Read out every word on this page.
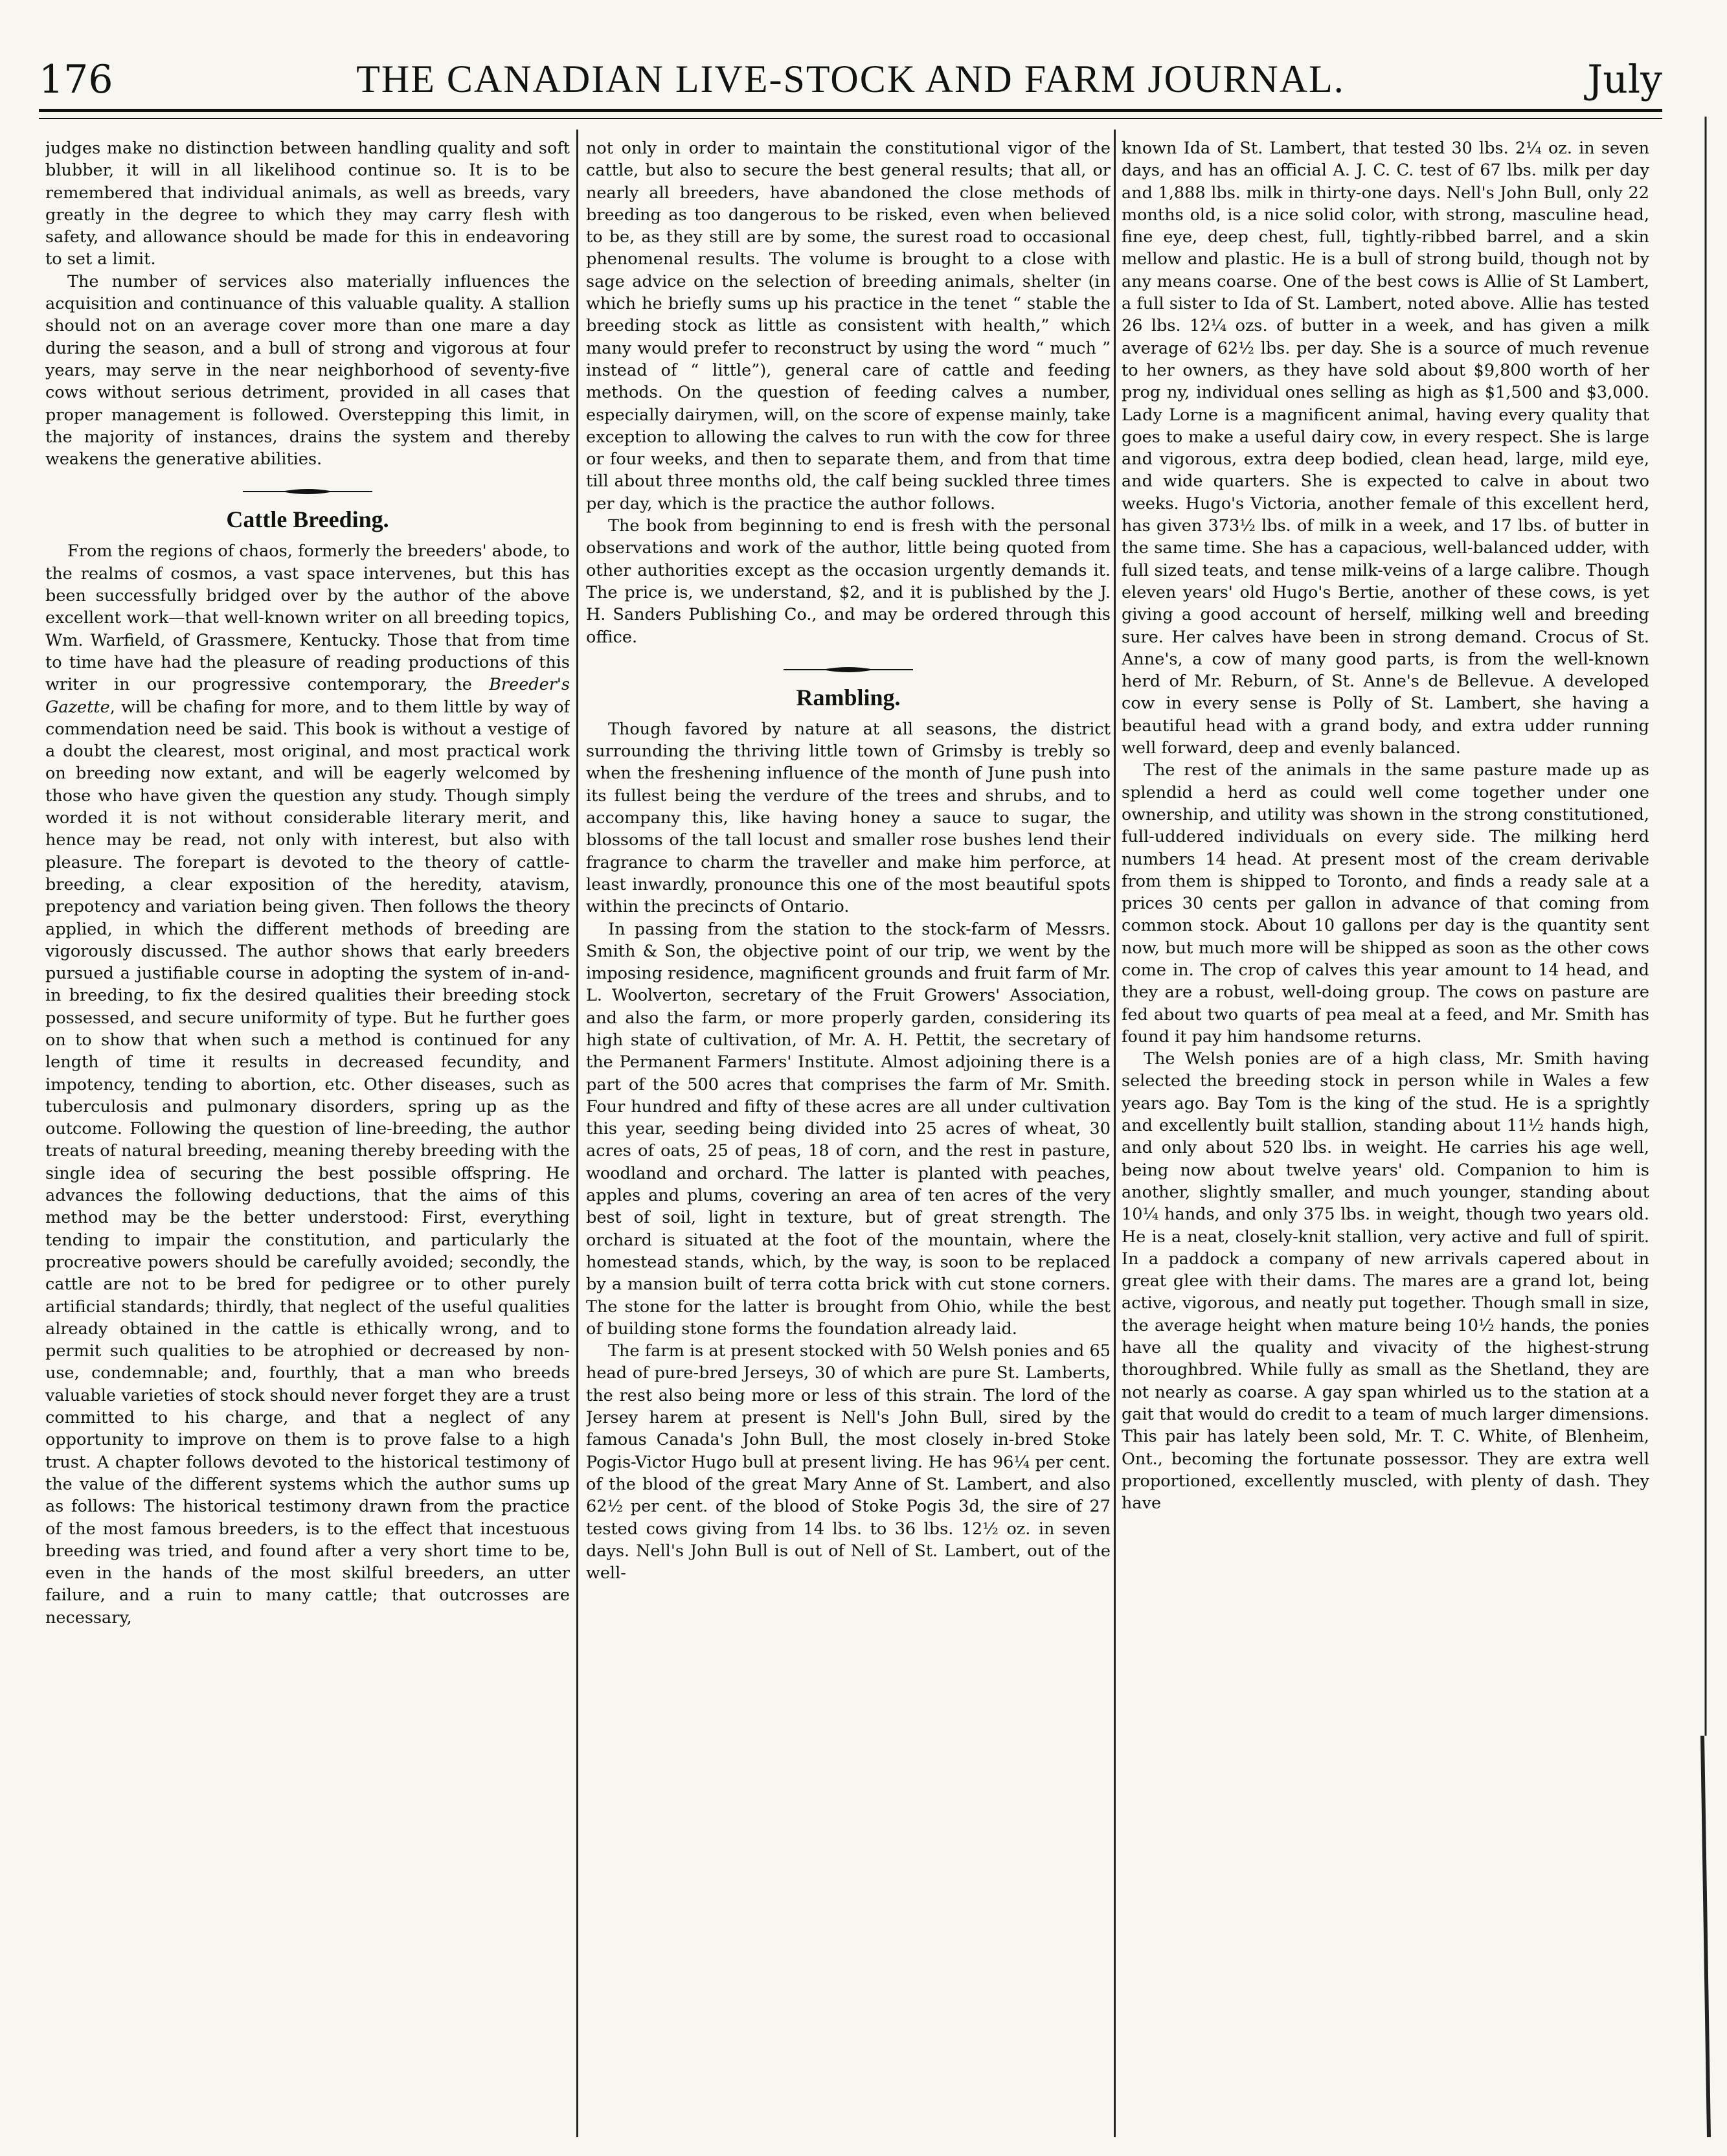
176	THE CANADIAN LIVE-STOCK AND FARM JOURNAL.	July

judges make no distinction between handling quality and soft blubber, it will in all likelihood continue so. It is to be remembered that individual animals, as well as breeds, vary greatly in the degree to which they may carry flesh with safety, and allowance should be made for this in endeavoring to set a limit.

The number of services also materially influences the acquisition and continuance of this valuable quality. A stallion should not on an average cover more than one mare a day during the season, and a bull of strong and vigorous at four years, may serve in the near neighborhood of seventy-five cows without serious detriment, provided in all cases that proper management is followed. Overstepping this limit, in the majority of instances, drains the system and thereby weakens the generative abilities.

Cattle Breeding.

From the regions of chaos, formerly the breeders' abode, to the realms of cosmos, a vast space intervenes, but this has been successfully bridged over by the author of the above excellent work—that well-known writer on all breeding topics, Wm. Warfield, of Grassmere, Kentucky. Those that from time to time have had the pleasure of reading productions of this writer in our progressive contemporary, the Breeder's Gazette, will be chafing for more, and to them little by way of commendation need be said. This book is without a vestige of a doubt the clearest, most original, and most practical work on breeding now extant, and will be eagerly welcomed by those who have given the question any study. Though simply worded it is not without considerable literary merit, and hence may be read, not only with interest, but also with pleasure. The forepart is devoted to the theory of cattle-breeding, a clear exposition of the heredity, atavism, prepotency and variation being given. Then follows the theory applied, in which the different methods of breeding are vigorously discussed. The author shows that early breeders pursued a justifiable course in adopting the system of in-and-in breeding, to fix the desired qualities their breeding stock possessed, and secure uniformity of type. But he further goes on to show that when such a method is continued for any length of time it results in decreased fecundity, and impotency, tending to abortion, etc. Other diseases, such as tuberculosis and pulmonary disorders, spring up as the outcome. Following the question of line-breeding, the author treats of natural breeding, meaning thereby breeding with the single idea of securing the best possible offspring. He advances the following deductions, that the aims of this method may be the better understood: First, everything tending to impair the constitution, and particularly the procreative powers should be carefully avoided; secondly, the cattle are not to be bred for pedigree or to other purely artificial standards; thirdly, that neglect of the useful qualities already obtained in the cattle is ethically wrong, and to permit such qualities to be atrophied or decreased by non-use, condemnable; and, fourthly, that a man who breeds valuable varieties of stock should never forget they are a trust committed to his charge, and that a neglect of any opportunity to improve on them is to prove false to a high trust. A chapter follows devoted to the historical testimony of the value of the different systems which the author sums up as follows: The historical testimony drawn from the practice of the most famous breeders, is to the effect that incestuous breeding was tried, and found after a very short time to be, even in the hands of the most skilful breeders, an utter failure, and a ruin to many cattle; that outcrosses are necessary,

not only in order to maintain the constitutional vigor of the cattle, but also to secure the best general results; that all, or nearly all breeders, have abandoned the close methods of breeding as too dangerous to be risked, even when believed to be, as they still are by some, the surest road to occasional phenomenal results. The volume is brought to a close with sage advice on the selection of breeding animals, shelter (in which he briefly sums up his practice in the tenet “ stable the breeding stock as little as consistent with health,” which many would prefer to reconstruct by using the word “ much ” instead of “ little”), general care of cattle and feeding methods. On the question of feeding calves a number, especially dairymen, will, on the score of expense mainly, take exception to allowing the calves to run with the cow for three or four weeks, and then to separate them, and from that time till about three months old, the calf being suckled three times per day, which is the practice the author follows.

The book from beginning to end is fresh with the personal observations and work of the author, little being quoted from other authorities except as the occasion urgently demands it. The price is, we understand, $2, and it is published by the J. H. Sanders Publishing Co., and may be ordered through this office.

Rambling.

Though favored by nature at all seasons, the district surrounding the thriving little town of Grimsby is trebly so when the freshening influence of the month of June push into its fullest being the verdure of the trees and shrubs, and to accompany this, like having honey a sauce to sugar, the blossoms of the tall locust and smaller rose bushes lend their fragrance to charm the traveller and make him perforce, at least inwardly, pronounce this one of the most beautiful spots within the precincts of Ontario.

In passing from the station to the stock-farm of Messrs. Smith & Son, the objective point of our trip, we went by the imposing residence, magnificent grounds and fruit farm of Mr. L. Woolverton, secretary of the Fruit Growers' Association, and also the farm, or more properly garden, considering its high state of cultivation, of Mr. A. H. Pettit, the secretary of the Permanent Farmers' Institute. Almost adjoining there is a part of the 500 acres that comprises the farm of Mr. Smith. Four hundred and fifty of these acres are all under cultivation this year, seeding being divided into 25 acres of wheat, 30 acres of oats, 25 of peas, 18 of corn, and the rest in pasture, woodland and orchard. The latter is planted with peaches, apples and plums, covering an area of ten acres of the very best of soil, light in texture, but of great strength. The orchard is situated at the foot of the mountain, where the homestead stands, which, by the way, is soon to be replaced by a mansion built of terra cotta brick with cut stone corners. The stone for the latter is brought from Ohio, while the best of building stone forms the foundation already laid.

The farm is at present stocked with 50 Welsh ponies and 65 head of pure-bred Jerseys, 30 of which are pure St. Lamberts, the rest also being more or less of this strain. The lord of the Jersey harem at present is Nell's John Bull, sired by the famous Canada's John Bull, the most closely in-bred Stoke Pogis-Victor Hugo bull at present living. He has 96¼ per cent. of the blood of the great Mary Anne of St. Lambert, and also 62½ per cent. of the blood of Stoke Pogis 3d, the sire of 27 tested cows giving from 14 lbs. to 36 lbs. 12½ oz. in seven days. Nell's John Bull is out of Nell of St. Lambert, out of the well-

known Ida of St. Lambert, that tested 30 lbs. 2¼ oz. in seven days, and has an official A. J. C. C. test of 67 lbs. milk per day and 1,888 lbs. milk in thirty-one days. Nell's John Bull, only 22 months old, is a nice solid color, with strong, masculine head, fine eye, deep chest, full, tightly-ribbed barrel, and a skin mellow and plastic. He is a bull of strong build, though not by any means coarse. One of the best cows is Allie of St Lambert, a full sister to Ida of St. Lambert, noted above. Allie has tested 26 lbs. 12¼ ozs. of butter in a week, and has given a milk average of 62½ lbs. per day. She is a source of much revenue to her owners, as they have sold about $9,800 worth of her prog ny, individual ones selling as high as $1,500 and $3,000. Lady Lorne is a magnificent animal, having every quality that goes to make a useful dairy cow, in every respect. She is large and vigorous, extra deep bodied, clean head, large, mild eye, and wide quarters. She is expected to calve in about two weeks. Hugo's Victoria, another female of this excellent herd, has given 373½ lbs. of milk in a week, and 17 lbs. of butter in the same time. She has a capacious, well-balanced udder, with full sized teats, and tense milk-veins of a large calibre. Though eleven years' old Hugo's Bertie, another of these cows, is yet giving a good account of herself, milking well and breeding sure. Her calves have been in strong demand. Crocus of St. Anne's, a cow of many good parts, is from the well-known herd of Mr. Reburn, of St. Anne's de Bellevue. A developed cow in every sense is Polly of St. Lambert, she having a beautiful head with a grand body, and extra udder running well forward, deep and evenly balanced.

The rest of the animals in the same pasture made up as splendid a herd as could well come together under one ownership, and utility was shown in the strong constitutioned, full-uddered individuals on every side. The milking herd numbers 14 head. At present most of the cream derivable from them is shipped to Toronto, and finds a ready sale at a prices 30 cents per gallon in advance of that coming from common stock. About 10 gallons per day is the quantity sent now, but much more will be shipped as soon as the other cows come in. The crop of calves this year amount to 14 head, and they are a robust, well-doing group. The cows on pasture are fed about two quarts of pea meal at a feed, and Mr. Smith has found it pay him handsome returns.

The Welsh ponies are of a high class, Mr. Smith having selected the breeding stock in person while in Wales a few years ago. Bay Tom is the king of the stud. He is a sprightly and excellently built stallion, standing about 11½ hands high, and only about 520 lbs. in weight. He carries his age well, being now about twelve years' old. Companion to him is another, slightly smaller, and much younger, standing about 10¼ hands, and only 375 lbs. in weight, though two years old. He is a neat, closely-knit stallion, very active and full of spirit. In a paddock a company of new arrivals capered about in great glee with their dams. The mares are a grand lot, being active, vigorous, and neatly put together. Though small in size, the average height when mature being 10½ hands, the ponies have all the quality and vivacity of the highest-strung thoroughbred. While fully as small as the Shetland, they are not nearly as coarse. A gay span whirled us to the station at a gait that would do credit to a team of much larger dimensions. This pair has lately been sold, Mr. T. C. White, of Blenheim, Ont., becoming the fortunate possessor. They are extra well proportioned, excellently muscled, with plenty of dash. They have
